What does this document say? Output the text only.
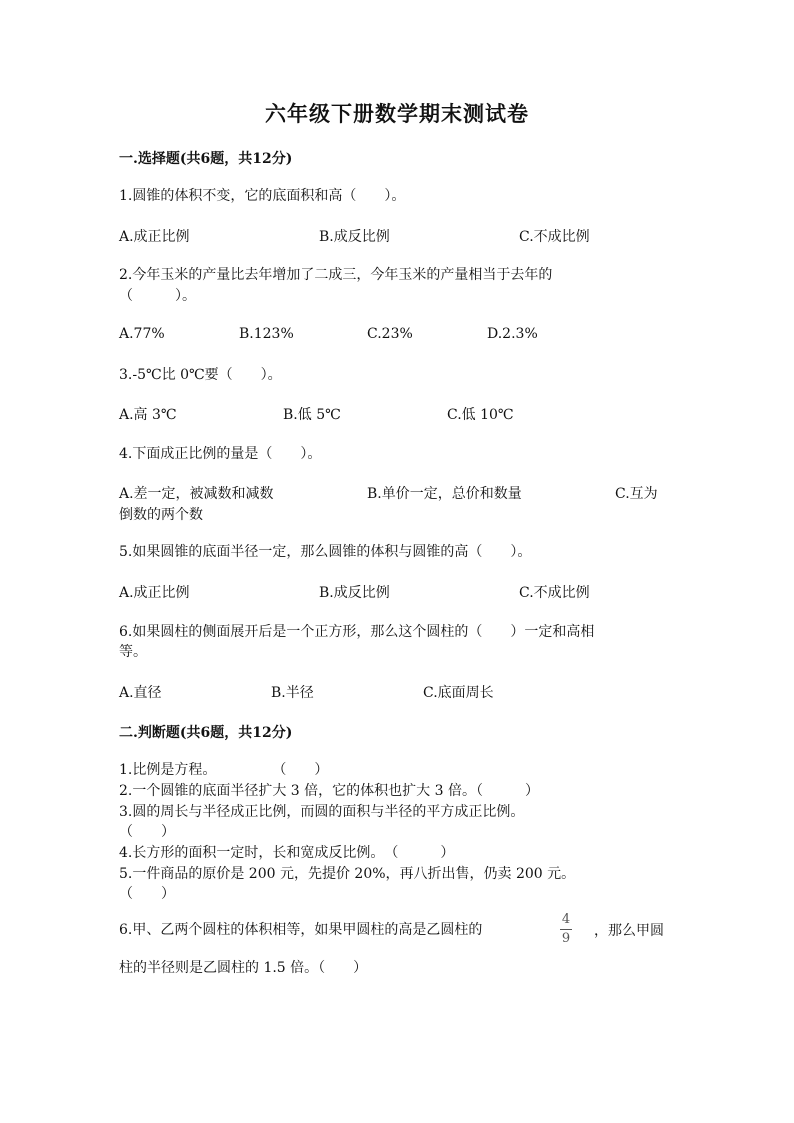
六年级下册数学期末测试卷
一.选择题(共6题，共12分)
1.圆锥的体积不变，它的底面积和高（　　）。
A.成正比例	B.成反比例	C.不成比例
2.今年玉米的产量比去年增加了二成三，今年玉米的产量相当于去年的
（　　　）。
A.77%	B.123%	C.23%	D.2.3%
3.-5℃比 0℃要（　　）。
A.高 3℃	B.低 5℃	C.低 10℃
4.下面成正比例的量是（　　）。
A.差一定，被减数和减数	B.单价一定，总价和数量	C.互为
倒数的两个数
5.如果圆锥的底面半径一定，那么圆锥的体积与圆锥的高（　　）。
A.成正比例	B.成反比例	C.不成比例
6.如果圆柱的侧面展开后是一个正方形，那么这个圆柱的（　　）一定和高相
等。
A.直径	B.半径	C.底面周长
二.判断题(共6题，共12分)
1.比例是方程。　　　　　（　　）
2.一个圆锥的底面半径扩大 3 倍，它的体积也扩大 3 倍。（　　　）
3.圆的周长与半径成正比例，而圆的面积与半径的平方成正比例。
（　　）
4.长方形的面积一定时，长和宽成反比例。　（　　　）
5.一件商品的原价是 200 元，先提价 20%，再八折出售，仍卖 200 元。
（　　）
6.甲、乙两个圆柱的体积相等，如果甲圆柱的高是乙圆柱的
4
9 ，那么甲圆
柱的半径则是乙圆柱的 1.5 倍。（　　）
